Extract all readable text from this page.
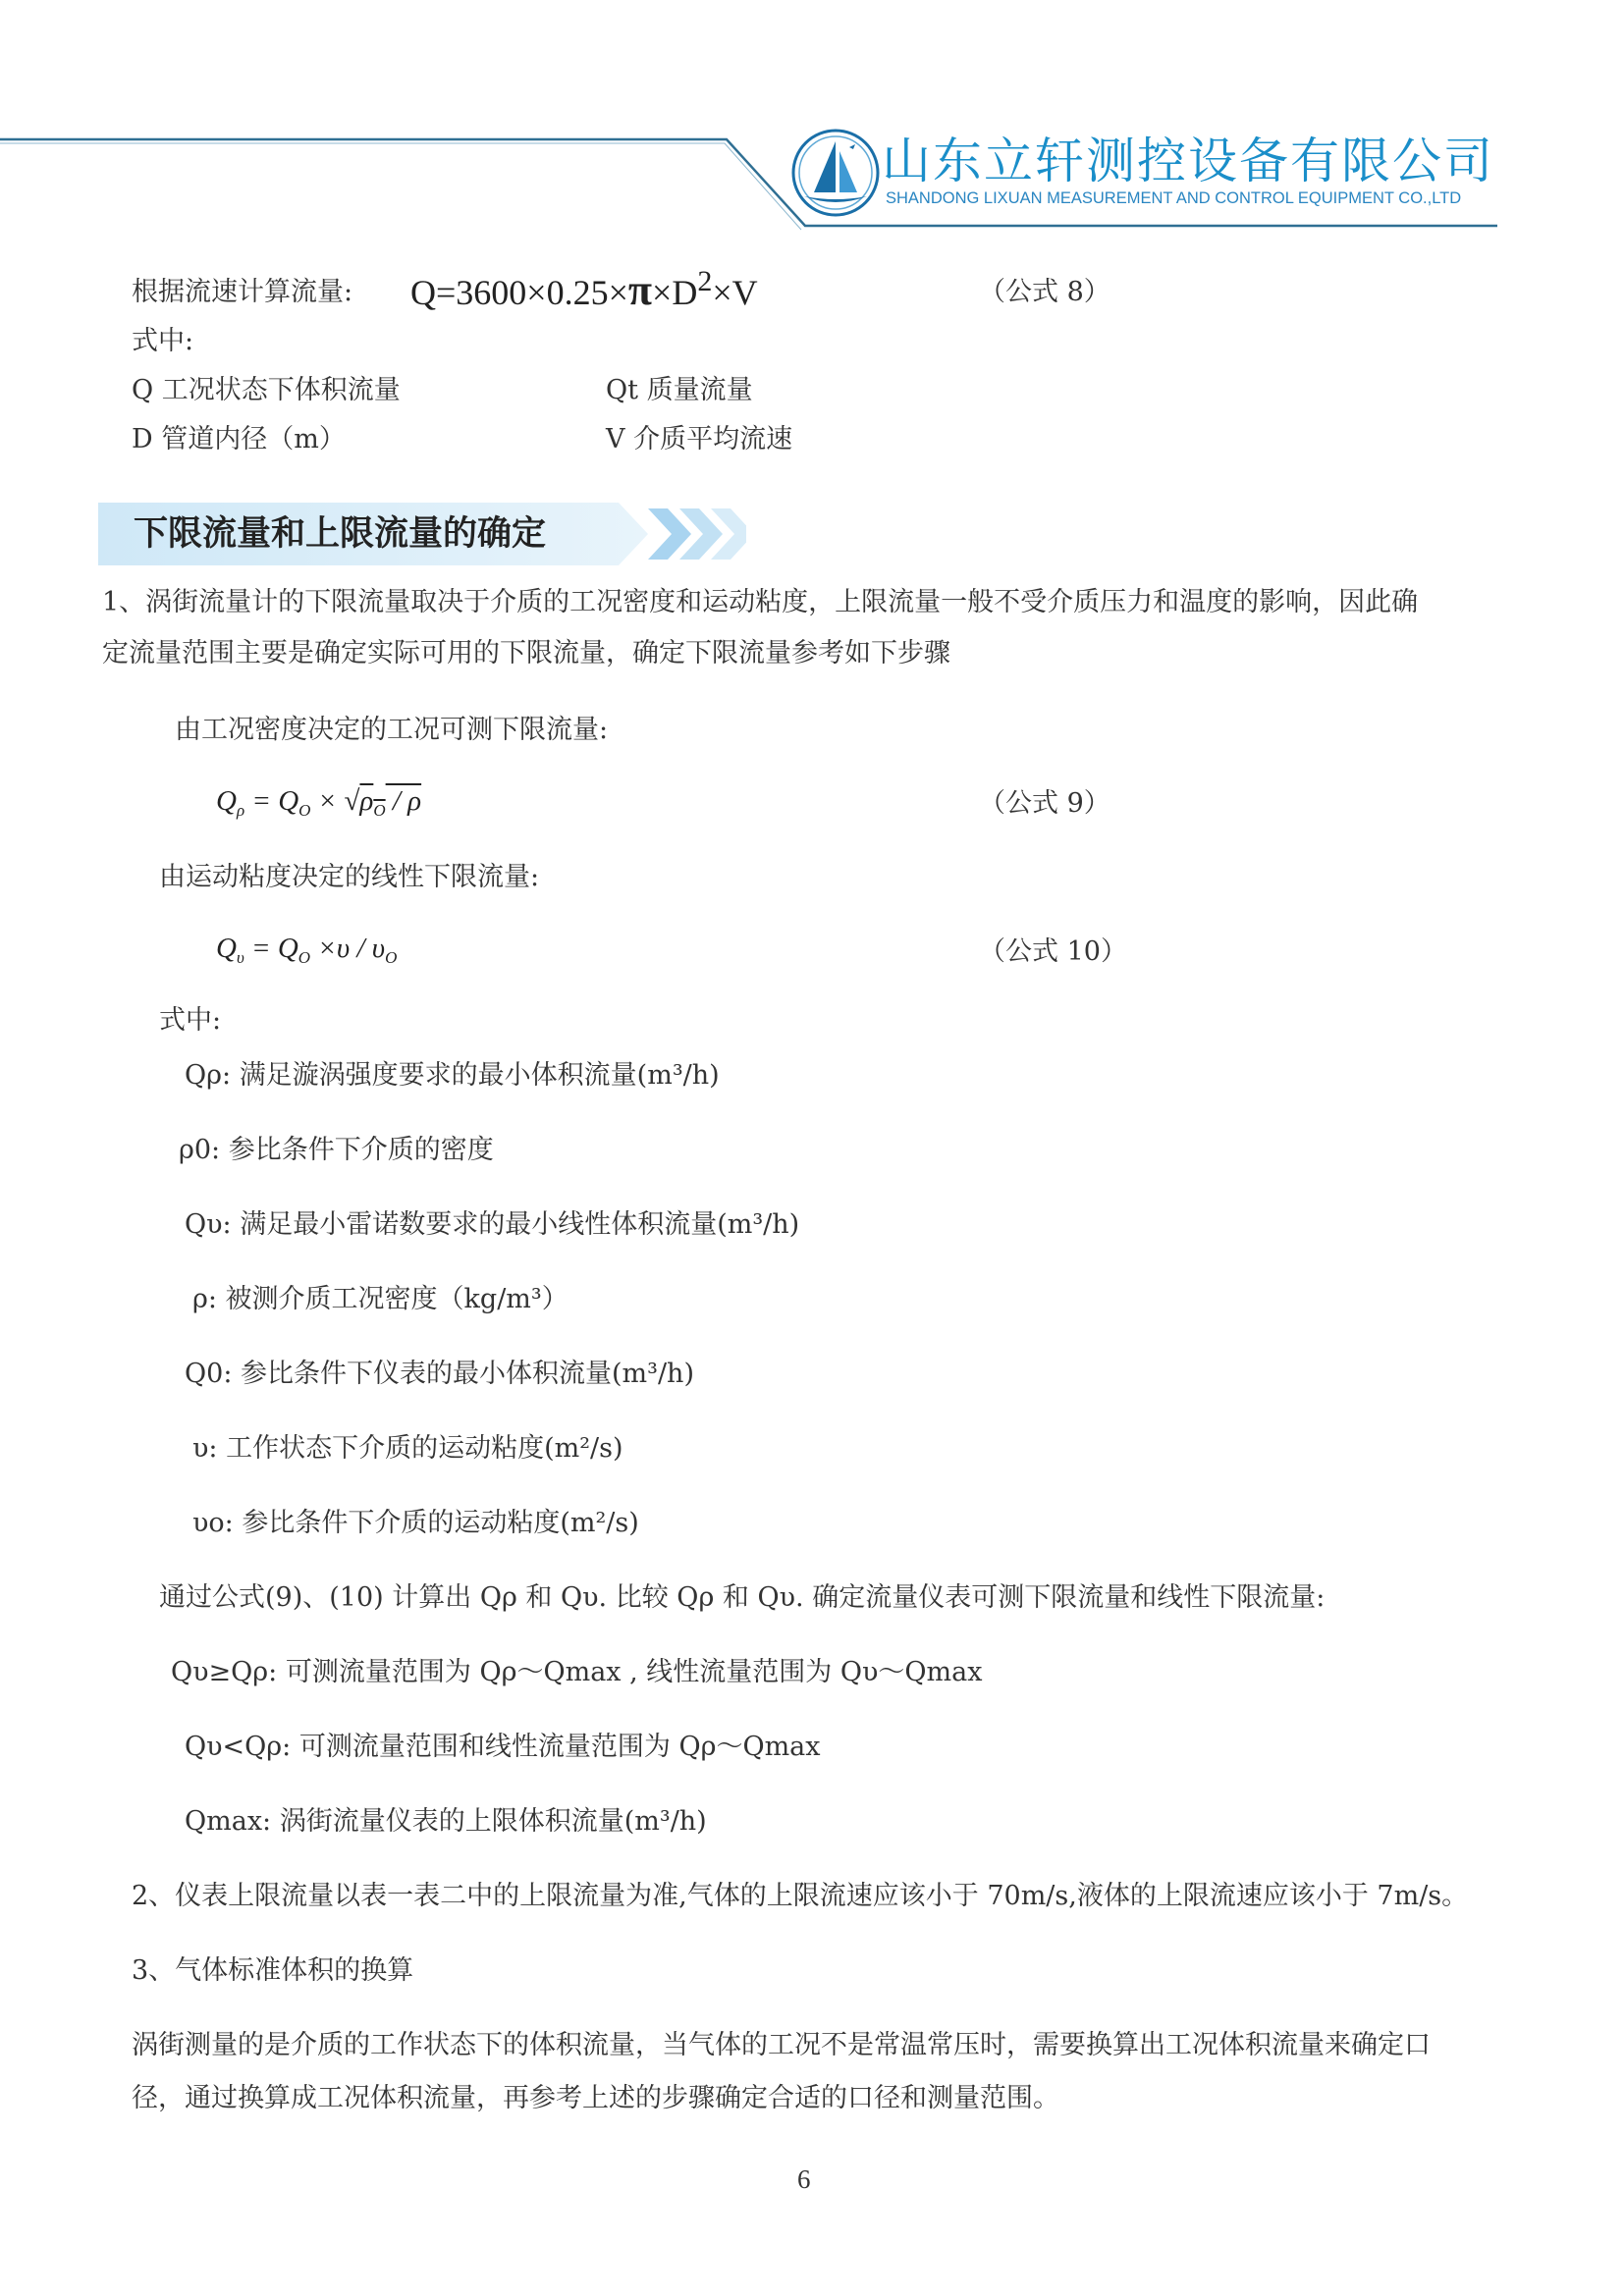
山东立轩测控设备有限公司
SHANDONG LIXUAN MEASUREMENT AND CONTROL EQUIPMENT CO.,LTD
根据流速计算流量: $Q=3600\times 0.25\times\pi\times D^2\times V$	（公式 8）
式中:
Q 工况状态下体积流量	Qt 质量流量
D 管道内径（m）	V 介质平均流速
下限流量和上限流量的确定
1、涡街流量计的下限流量取决于介质的工况密度和运动粘度，上限流量一般不受介质压力和温度的影响，因此确
定流量范围主要是确定实际可用的下限流量，确定下限流量参考如下步骤
由工况密度决定的工况可测下限流量:
$Q_\rho = Q_O \times √\rho_O / \rho$	（公式 9）
由运动粘度决定的线性下限流量:
$Q_\upsilon = Q_O \times\upsilon / \upsilon_O$	（公式 10）
式中:
Qρ: 满足漩涡强度要求的最小体积流量(m³/h)
ρ0: 参比条件下介质的密度
Qυ: 满足最小雷诺数要求的最小线性体积流量(m³/h)
ρ: 被测介质工况密度（kg/m³）
Q0: 参比条件下仪表的最小体积流量(m³/h)
υ: 工作状态下介质的运动粘度(m²/s)
υo: 参比条件下介质的运动粘度(m²/s)
通过公式(9)、(10) 计算出 Qρ 和 Qυ. 比较 Qρ 和 Qυ. 确定流量仪表可测下限流量和线性下限流量:
Qυ≥Qρ: 可测流量范围为 Qρ～Qmax , 线性流量范围为 Qυ～Qmax
Qυ<Qρ: 可测流量范围和线性流量范围为 Qρ～Qmax
Qmax: 涡街流量仪表的上限体积流量(m³/h)
2、仪表上限流量以表一表二中的上限流量为准,气体的上限流速应该小于 70m/s,液体的上限流速应该小于 7m/s。
3、气体标准体积的换算
涡街测量的是介质的工作状态下的体积流量，当气体的工况不是常温常压时，需要换算出工况体积流量来确定口
径，通过换算成工况体积流量，再参考上述的步骤确定合适的口径和测量范围。
6
